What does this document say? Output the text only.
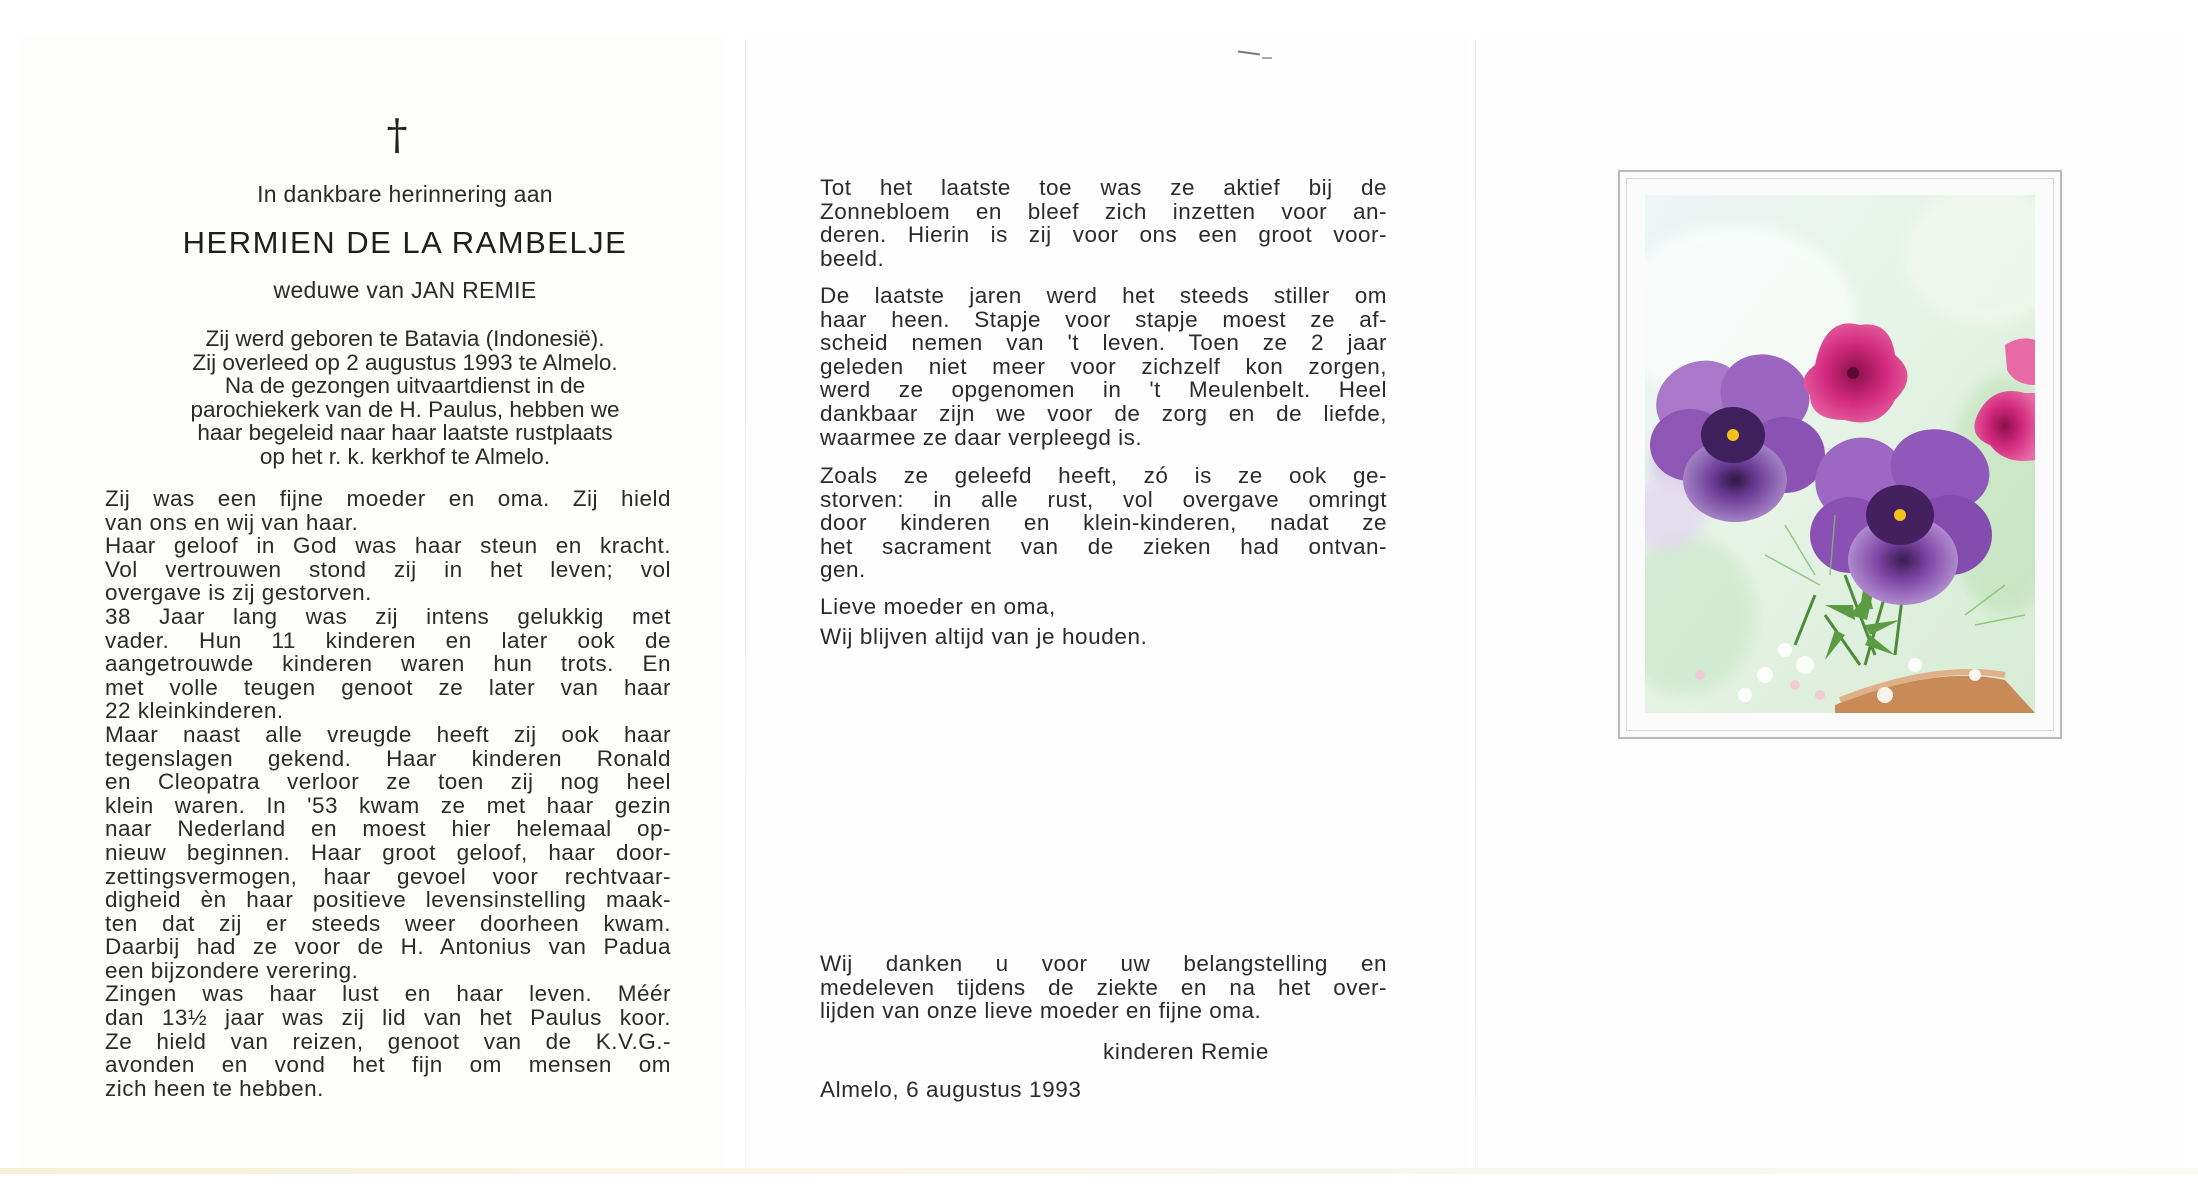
†
In dankbare herinnering aan
HERMIEN DE LA RAMBELJE
weduwe van JAN REMIE
Zij werd geboren te Batavia (Indonesië).
Zij overleed op 2 augustus 1993 te Almelo.
Na de gezongen uitvaartdienst in de
parochiekerk van de H. Paulus, hebben we
haar begeleid naar haar laatste rustplaats
op het r. k. kerkhof te Almelo.

Zij was een fijne moeder en oma. Zij hield

van ons en wij van haar.

Haar geloof in God was haar steun en kracht.

Vol vertrouwen stond zij in het leven; vol

overgave is zij gestorven.

38 Jaar lang was zij intens gelukkig met

vader. Hun 11 kinderen en later ook de

aangetrouwde kinderen waren hun trots. En

met volle teugen genoot ze later van haar

22 kleinkinderen.

Maar naast alle vreugde heeft zij ook haar

tegenslagen gekend. Haar kinderen Ronald

en Cleopatra verloor ze toen zij nog heel

klein waren. In '53 kwam ze met haar gezin

naar Nederland en moest hier helemaal op-

nieuw beginnen. Haar groot geloof, haar door-

zettingsvermogen, haar gevoel voor rechtvaar-

digheid èn haar positieve levensinstelling maak-

ten dat zij er steeds weer doorheen kwam.

Daarbij had ze voor de H. Antonius van Padua

een bijzondere verering.

Zingen was haar lust en haar leven. Méér

dan 13½ jaar was zij lid van het Paulus koor.

Ze hield van reizen, genoot van de K.V.G.-

avonden en vond het fijn om mensen om

zich heen te hebben.

Tot het laatste toe was ze aktief bij de

Zonnebloem en bleef zich inzetten voor an-

deren. Hierin is zij voor ons een groot voor-

beeld.

De laatste jaren werd het steeds stiller om

haar heen. Stapje voor stapje moest ze af-

scheid nemen van 't leven. Toen ze 2 jaar

geleden niet meer voor zichzelf kon zorgen,

werd ze opgenomen in 't Meulenbelt. Heel

dankbaar zijn we voor de zorg en de liefde,

waarmee ze daar verpleegd is.

Zoals ze geleefd heeft, zó is ze ook ge-

storven: in alle rust, vol overgave omringt

door kinderen en klein-kinderen, nadat ze

het sacrament van de zieken had ontvan-

gen.

Lieve moeder en oma,
Wij blijven altijd van je houden.

Wij danken u voor uw belangstelling en

medeleven tijdens de ziekte en na het over-

lijden van onze lieve moeder en fijne oma.

kinderen Remie
Almelo, 6 augustus 1993
